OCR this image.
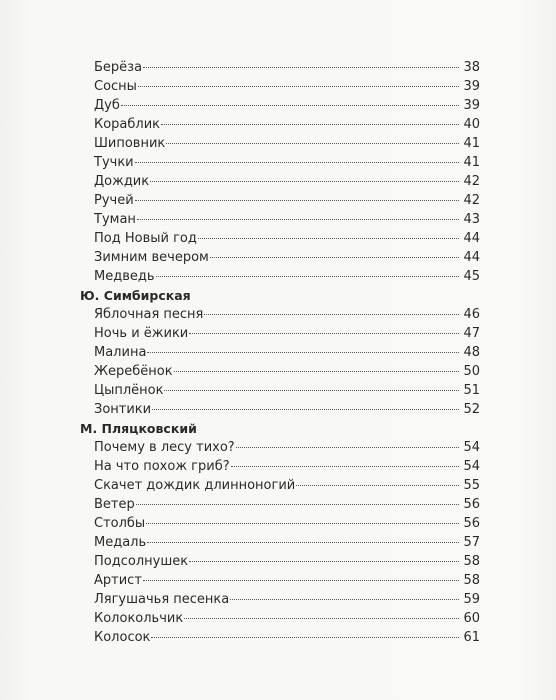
Берёза	38
Сосны	39
Дуб	39
Кораблик	40
Шиповник	41
Тучки	41
Дождик	42
Ручей	42
Туман	43
Под Новый год	44
Зимним вечером	44
Медведь	45
Ю. Симбирская
Яблочная песня	46
Ночь и ёжики	47
Малина	48
Жеребёнок	50
Цыплёнок	51
Зонтики	52
М. Пляцковский
Почему в лесу тихо?	54
На что похож гриб?	54
Скачет дождик длинноногий	55
Ветер	56
Столбы	56
Медаль	57
Подсолнушек	58
Артист	58
Лягушачья песенка	59
Колокольчик	60
Колосок	61
